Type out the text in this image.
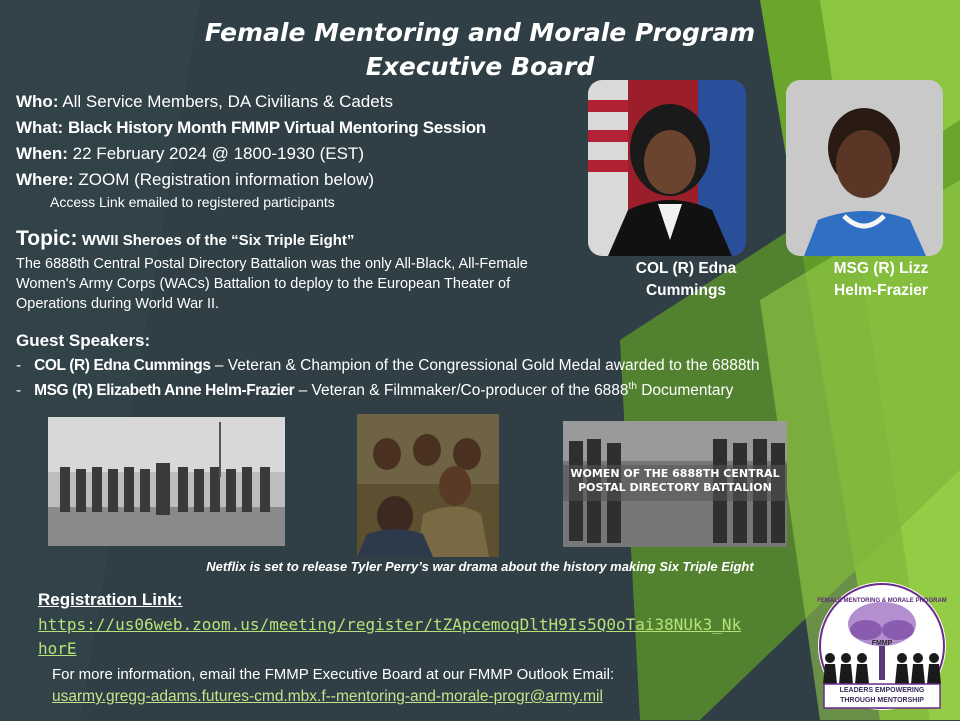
Female Mentoring and Morale Program
Executive Board
Who: All Service Members, DA Civilians & Cadets
What: Black History Month FMMP Virtual Mentoring Session
When: 22 February 2024 @ 1800-1930 (EST)
Where: ZOOM (Registration information below)
Access Link emailed to registered participants
Topic: WWII Sheroes of the “Six Triple Eight”
The 6888th Central Postal Directory Battalion was the only All-Black, All-Female Women's Army Corps (WACs) Battalion to deploy to the European Theater of Operations during World War II.
COL (R) Edna
Cummings
MSG (R) Lizz
Helm-Frazier
Guest Speakers:
- COL (R) Edna Cummings – Veteran & Champion of the Congressional Gold Medal awarded to the 6888th
- MSG (R) Elizabeth Anne Helm-Frazier – Veteran & Filmmaker/Co-producer of the 6888th Documentary
WOMEN OF THE 6888TH CENTRAL
POSTAL DIRECTORY BATTALION
Netflix is set to release Tyler Perry’s war drama about the history making Six Triple Eight
Registration Link:
https://us06web.zoom.us/meeting/register/tZApcemoqDltH9Is5Q0oTai38NUk3_Nk
horE
For more information, email the FMMP Executive Board at our FMMP Outlook Email:
usarmy.gregg-adams.futures-cmd.mbx.f--mentoring-and-morale-progr@army.mil
FEMALE MENTORING & MORALE PROGRAM
FMMP
LEADERS EMPOWERING
THROUGH MENTORSHIP
